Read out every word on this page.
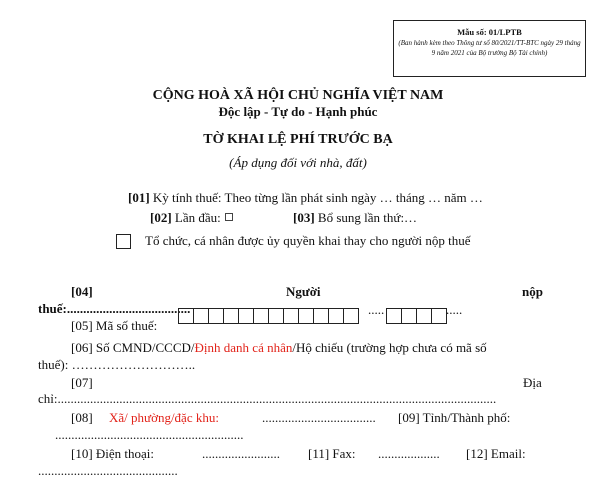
Mẫu số: 01/LPTB
(Ban hành kèm theo Thông tư số 80/2021/TT-BTC ngày 29 tháng 9 năm 2021 của Bộ trưởng Bộ Tài chính)
CỘNG HOÀ XÃ HỘI CHỦ NGHĨA VIỆT NAM
Độc lập - Tự do - Hạnh phúc
TỜ KHAI LỆ PHÍ TRƯỚC BẠ
(Áp dụng đối với nhà, đất)
[01] Kỳ tính thuế: Theo từng lần phát sinh ngày … tháng … năm …
[02] Lần đầu:	[03] Bổ sung lần thứ:…
Tổ chức, cá nhân được ủy quyền khai thay cho người nộp thuế
[04]	Người	nộp
thuế:......................................
[05] Mã số thuế:
.....	.....
[06] Số CMND/CCCD/Định danh cá nhân/Hộ chiếu (trường hợp chưa có mã số
thuế): ………………………..
[07]	Địa
chỉ:.......................................................................................................................................
[08] Xã/ phường/đặc khu:	................................... [09] Tỉnh/Thành phố:
..........................................................
[10] Điện thoại:	........................ [11] Fax: ................... [12] Email:
...........................................
